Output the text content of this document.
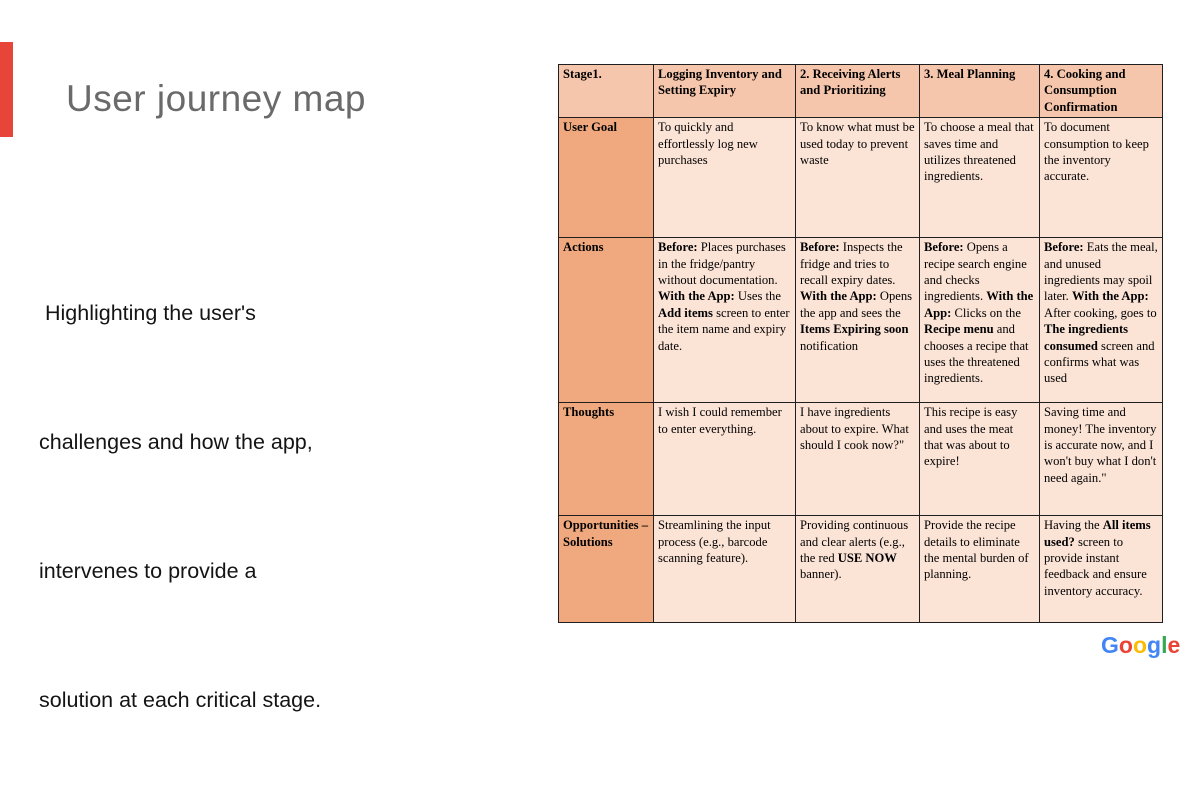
User journey map

Highlighting the user's

challenges and how the app,

intervenes to provide a

solution at each critical stage.

Stage1.	Logging Inventory and Setting Expiry	2. Receiving Alerts and Prioritizing	3. Meal Planning	4. Cooking and Consumption Confirmation
User Goal	To quickly and effortlessly log new purchases	To know what must be used today to prevent waste	To choose a meal that saves time and utilizes threatened ingredients.	To document consumption to keep the inventory accurate.
Actions	Before: Places purchases in the fridge/pantry without documentation. With the App: Uses the Add items screen to enter the item name and expiry date.	Before: Inspects the fridge and tries to recall expiry dates. With the App: Opens the app and sees the Items Expiring soon notification	Before: Opens a recipe search engine and checks ingredients. With the App: Clicks on the Recipe menu and chooses a recipe that uses the threatened ingredients.	Before: Eats the meal, and unused ingredients may spoil later. With the App: After cooking, goes to The ingredients consumed screen and confirms what was used
Thoughts	I wish I could remember to enter everything.	I have ingredients about to expire. What should I cook now?"	This recipe is easy and uses the meat that was about to expire!	Saving time and money! The inventory is accurate now, and I won't buy what I don't need again."
Opportunities – Solutions	Streamlining the input process (e.g., barcode scanning feature).	Providing continuous and clear alerts (e.g., the red USE NOW banner).	Provide the recipe details to eliminate the mental burden of planning.	Having the All items used? screen to provide instant feedback and ensure inventory accuracy.
Google
